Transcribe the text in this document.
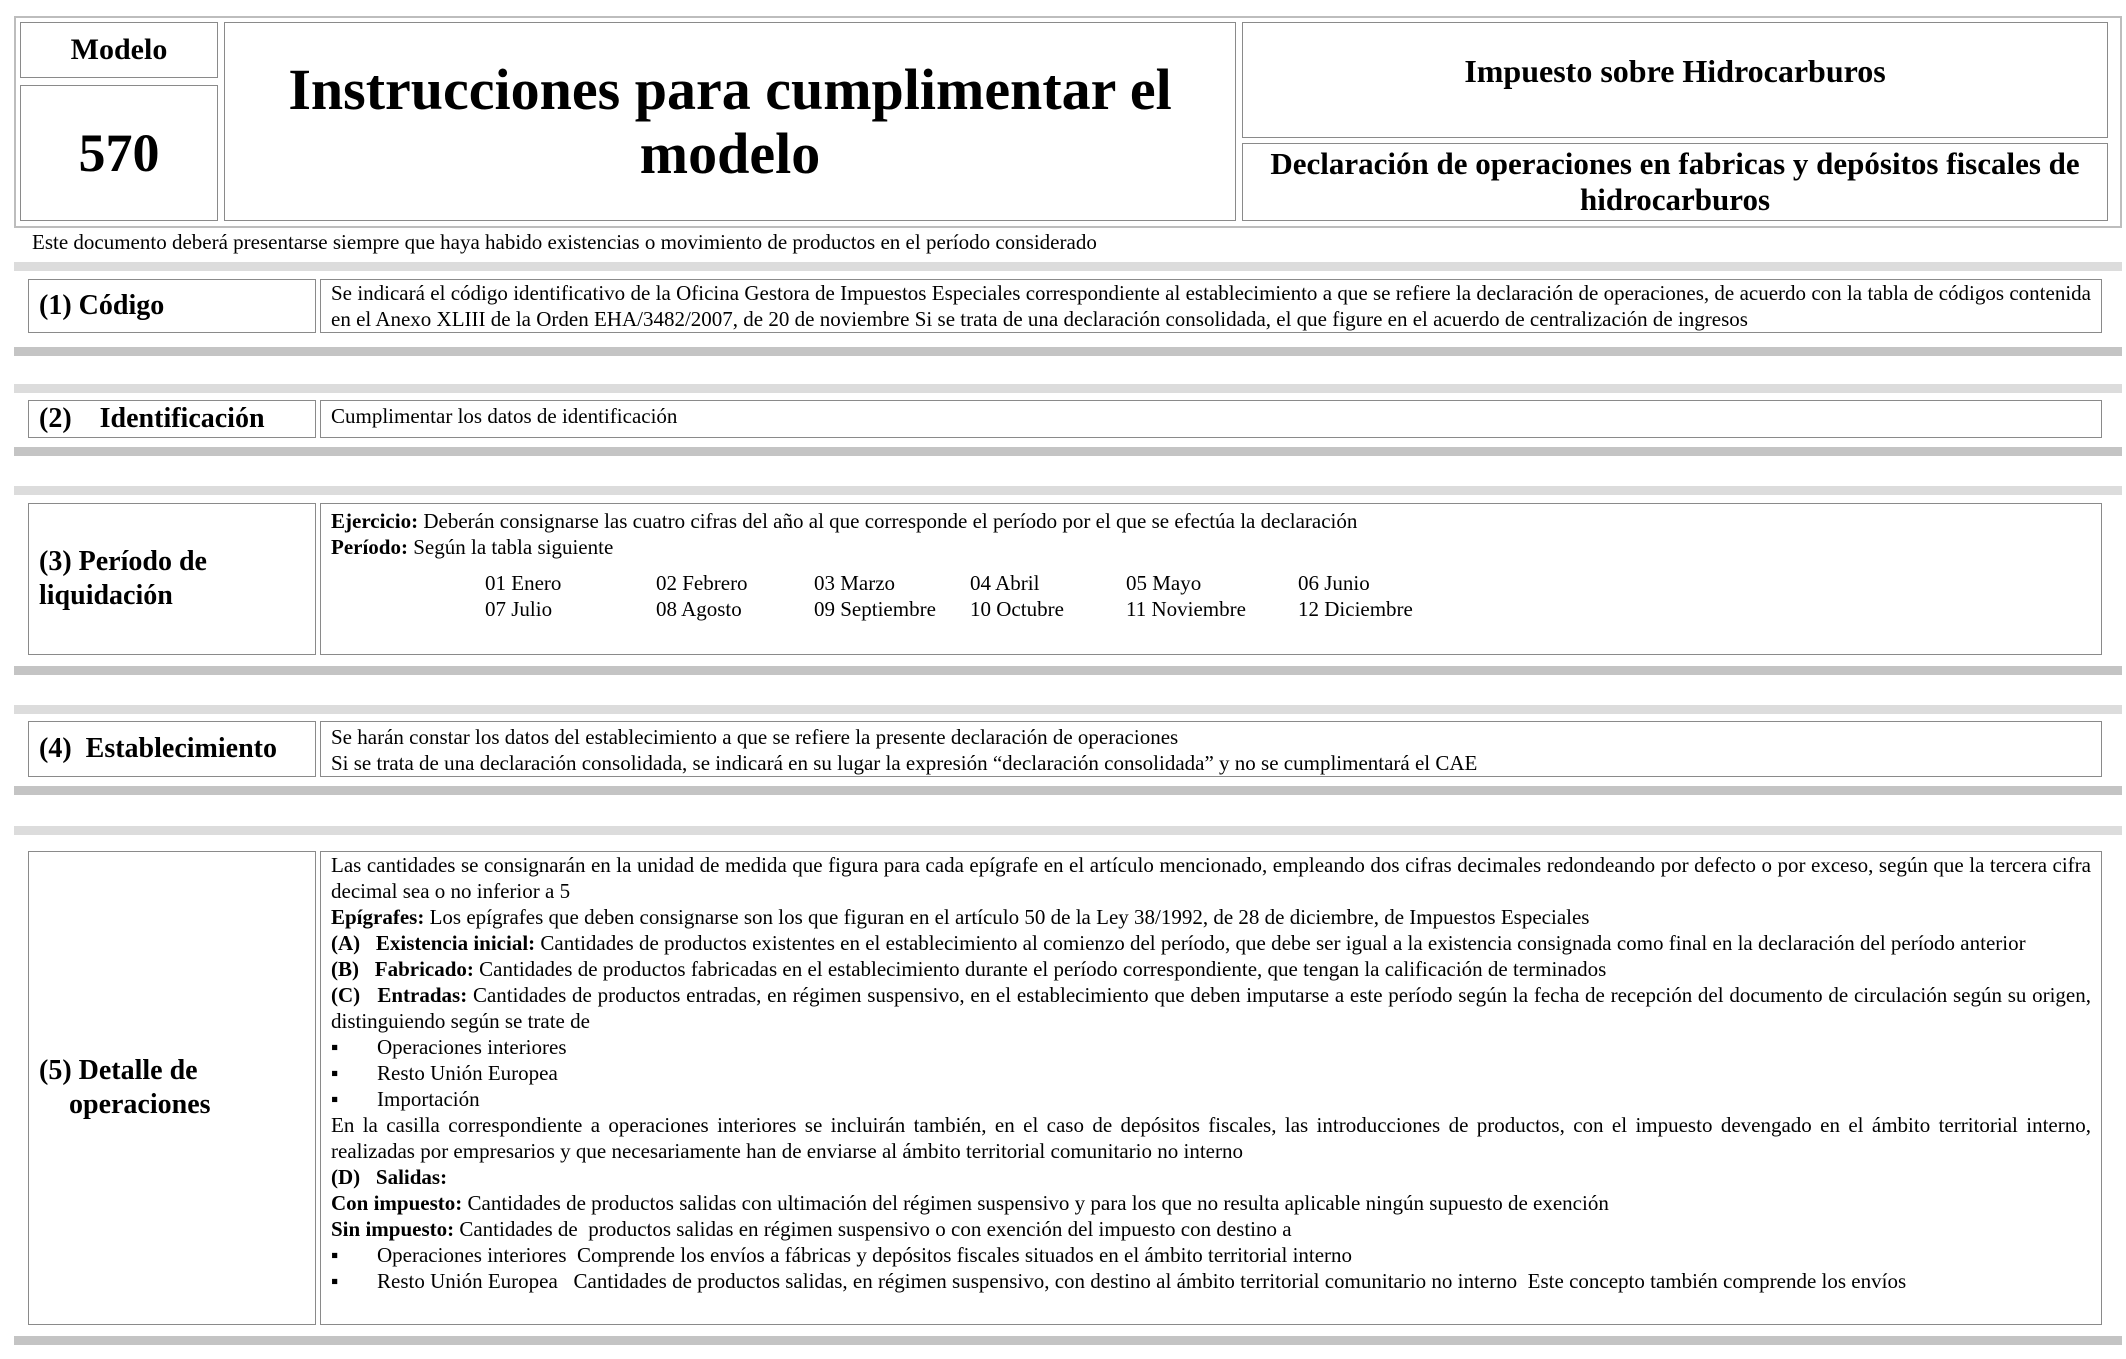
Modelo
570
Instrucciones para cumplimentar el modelo
Impuesto sobre Hidrocarburos
Declaración de operaciones en fabricas y depósitos fiscales de hidrocarburos
Este documento deberá presentarse siempre que haya habido existencias o movimiento de productos en el período considerado
(1) Código	Se indicará el código identificativo de la Oficina Gestora de Impuestos Especiales correspondiente al establecimiento a que se refiere la declaración de operaciones, de acuerdo con la tabla de códigos contenida en el Anexo XLIII de la Orden EHA/3482/2007, de 20 de noviembre Si se trata de una declaración consolidada, el que figure en el acuerdo de centralización de ingresos

(2)    Identificación	Cumplimentar los datos de identificación

(3) Período de liquidación

Ejercicio: Deberán consignarse las cuatro cifras del año al que corresponde el período por el que se efectúa la declaración

Período: Según la tabla siguiente

01 Enero	02 Febrero	03 Marzo	04 Abril	05 Mayo	06 Junio
07 Julio	08 Agosto	09 Septiembre	10 Octubre	11 Noviembre	12 Diciembre
(4)  Establecimiento	Se harán constar los datos del establecimiento a que se refiere la presente declaración de operaciones

Si se trata de una declaración consolidada, se indicará en su lugar la expresión “declaración consolidada” y no se cumplimentará el CAE

(5) Detalle de
operaciones

Las cantidades se consignarán en la unidad de medida que figura para cada epígrafe en el artículo mencionado, empleando dos cifras decimales redondeando por defecto o por exceso, según que la tercera cifra decimal sea o no inferior a 5

Epígrafes: Los epígrafes que deben consignarse son los que figuran en el artículo 50 de la Ley 38/1992, de 28 de diciembre, de Impuestos Especiales

(A)   Existencia inicial: Cantidades de productos existentes en el establecimiento al comienzo del período, que debe ser igual a la existencia consignada como final en la declaración del período anterior

(B)   Fabricado: Cantidades de productos fabricadas en el establecimiento durante el período correspondiente, que tengan la calificación de terminados

(C)   Entradas: Cantidades de productos entradas, en régimen suspensivo, en el establecimiento que deben imputarse a este período según la fecha de recepción del documento de circulación según su origen, distinguiendo según se trate de

▪	Operaciones interiores
▪	Resto Unión Europea
▪	Importación

En la casilla correspondiente a operaciones interiores se incluirán también, en el caso de depósitos fiscales, las introducciones de productos, con el impuesto devengado en el ámbito territorial interno, realizadas por empresarios y que necesariamente han de enviarse al ámbito territorial comunitario no interno

(D)   Salidas:

Con impuesto: Cantidades de productos salidas con ultimación del régimen suspensivo y para los que no resulta aplicable ningún supuesto de exención

Sin impuesto: Cantidades de  productos salidas en régimen suspensivo o con exención del impuesto con destino a

▪	Operaciones interiores  Comprende los envíos a fábricas y depósitos fiscales situados en el ámbito territorial interno
▪	Resto Unión Europea   Cantidades de productos salidas, en régimen suspensivo, con destino al ámbito territorial comunitario no interno  Este concepto también comprende los envíos
